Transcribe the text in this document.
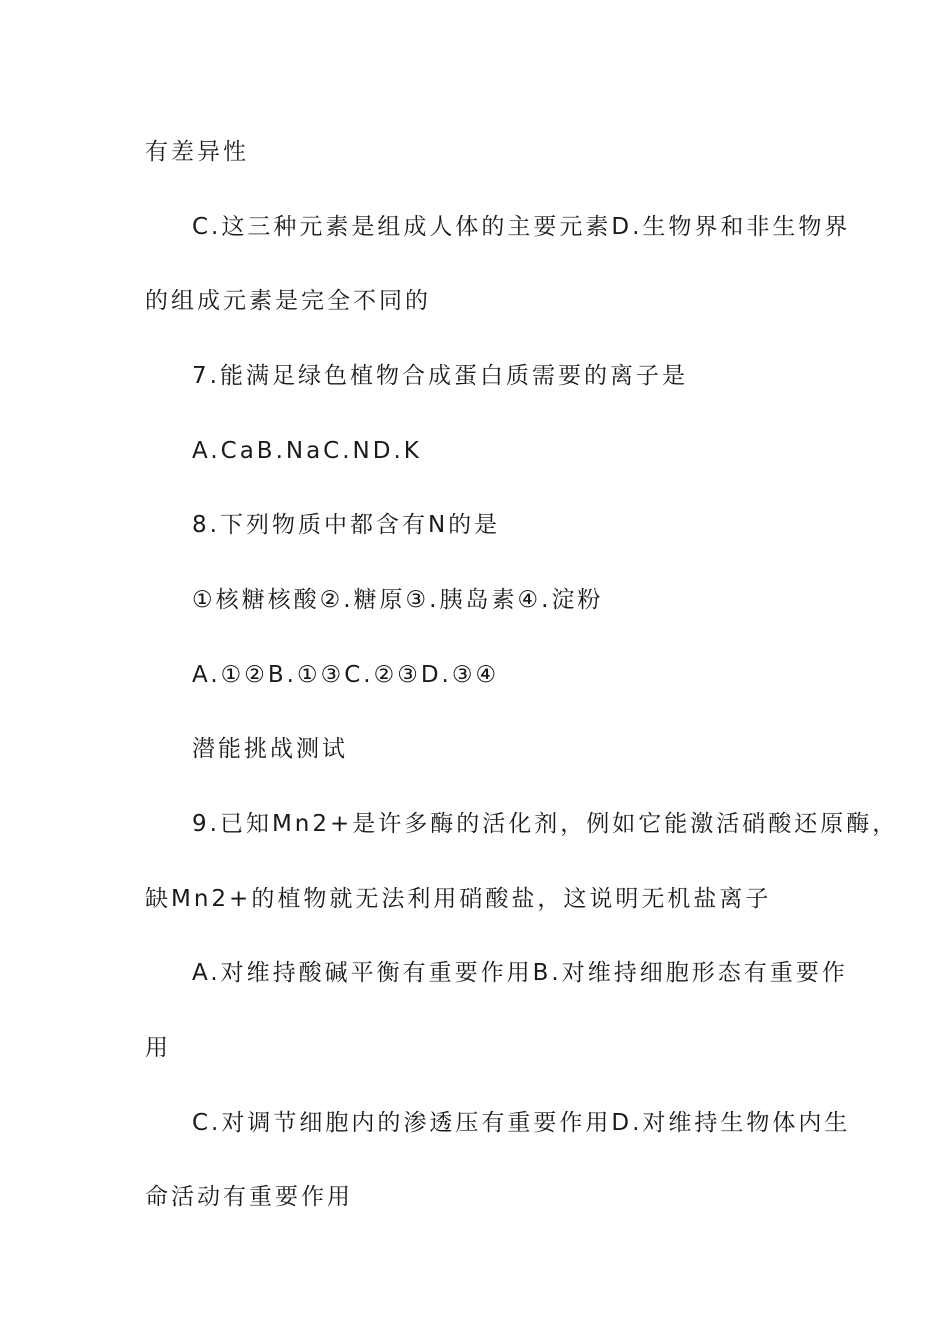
有差异性
C.这三种元素是组成人体的主要元素D.生物界和非生物界
的组成元素是完全不同的
7.能满足绿色植物合成蛋白质需要的离子是
A.CaB.NaC.ND.K
8.下列物质中都含有N的是
①核糖核酸②.糖原③.胰岛素④.淀粉
A.①②B.①③C.②③D.③④
潜能挑战测试
9.已知Mn2+是许多酶的活化剂，例如它能激活硝酸还原酶，
缺Mn2+的植物就无法利用硝酸盐，这说明无机盐离子
A.对维持酸碱平衡有重要作用B.对维持细胞形态有重要作
用
C.对调节细胞内的渗透压有重要作用D.对维持生物体内生
命活动有重要作用
